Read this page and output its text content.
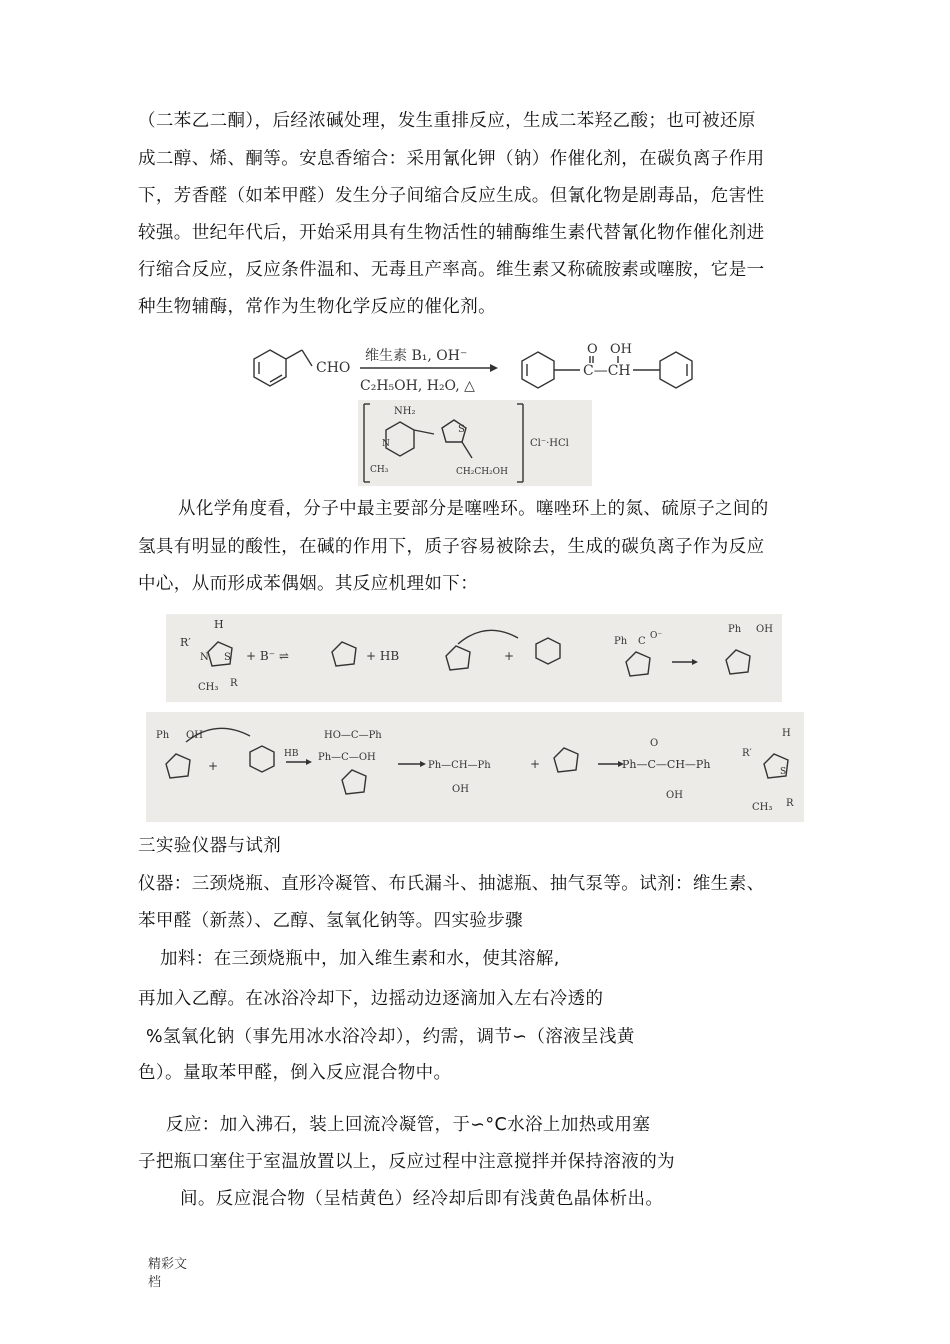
（二苯乙二酮），后经浓碱处理，发生重排反应，生成二苯羟乙酸；也可被还原
成二醇、烯、酮等。安息香缩合：采用氰化钾（钠）作催化剂，在碳负离子作用
下，芳香醛（如苯甲醛）发生分子间缩合反应生成。但氰化物是剧毒品，危害性
较强。世纪年代后，开始采用具有生物活性的辅酶维生素代替氰化物作催化剂进
行缩合反应，反应条件温和、无毒且产率高。维生素又称硫胺素或噻胺，它是一
种生物辅酶，常作为生物化学反应的催化剂。
CHO
维生素 B₁, OH⁻
C₂H₅OH, H₂O, △
O
C—CH
OH
NH₂
N
CH₃
S
CH₂CH₂OH
Cl⁻·HCl
从化学角度看，分子中最主要部分是噻唑环。噻唑环上的氮、硫原子之间的
氢具有明显的酸性，在碱的作用下，质子容易被除去，生成的碳负离子作为反应
中心，从而形成苯偶姻。其反应机理如下：
H
R′
N S
CH₃ R
+ B⁻ ⇌	+ HB	+
Ph C O⁻
Ph OH
Ph OH
+
HB
HO—C—Ph
Ph—C—OH
Ph—CH—Ph
OH
+	Ph—C—CH—Ph
O
OH
H
R′
S
CH₃ R
三实验仪器与试剂
仪器：三颈烧瓶、直形冷凝管、布氏漏斗、抽滤瓶、抽气泵等。试剂：维生素、
苯甲醛（新蒸）、乙醇、氢氧化钠等。四实验步骤
加料：在三颈烧瓶中，加入维生素和水，使其溶解,
再加入乙醇。在冰浴冷却下，边摇动边逐滴加入左右冷透的
%氢氧化钠（事先用冰水浴冷却），约需，调节∽（溶液呈浅黄
色）。量取苯甲醛，倒入反应混合物中。
反应：加入沸石，装上回流冷凝管，于∽°C水浴上加热或用塞
子把瓶口塞住于室温放置以上，反应过程中注意搅拌并保持溶液的为
间。反应混合物（呈桔黄色）经冷却后即有浅黄色晶体析出。
精彩文
档
